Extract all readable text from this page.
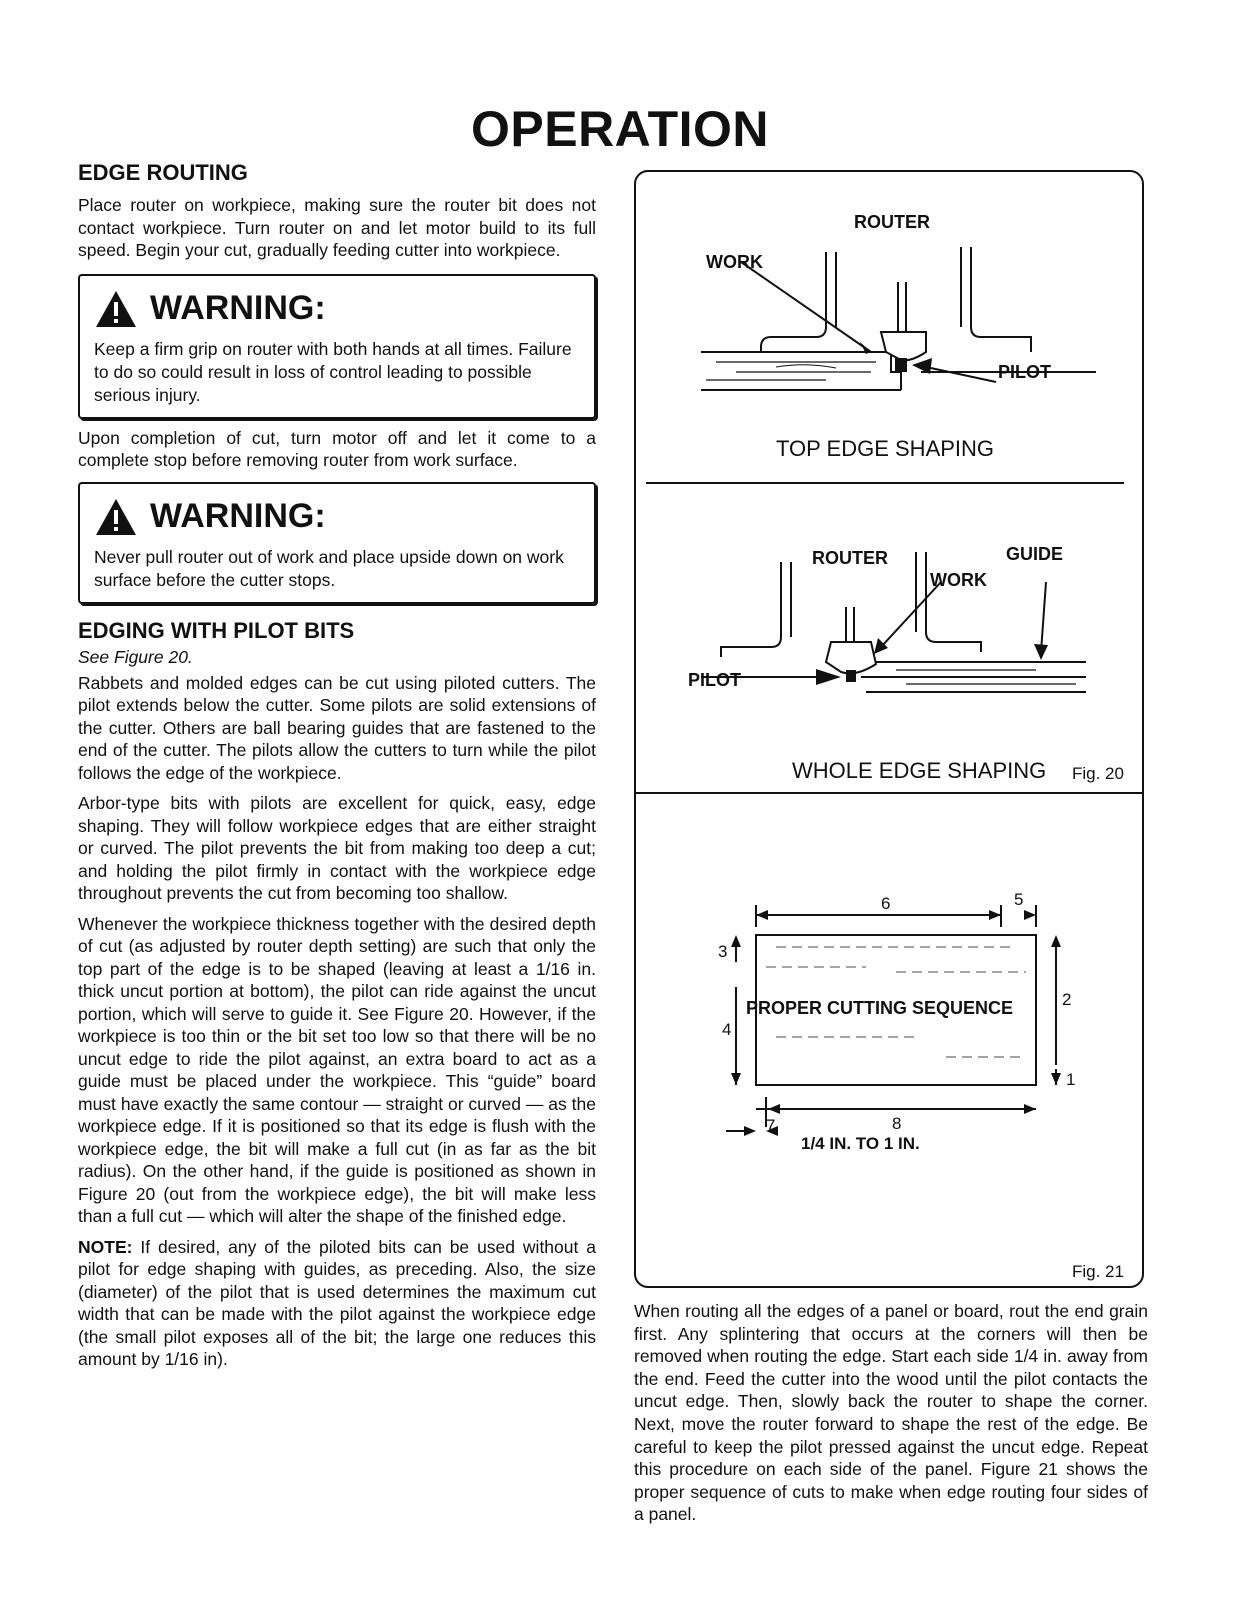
OPERATION
EDGE ROUTING

Place router on workpiece, making sure the router bit does not contact workpiece. Turn router on and let motor build to its full speed. Begin your cut, gradually feeding cutter into workpiece.

WARNING:

Keep a firm grip on router with both hands at all times. Failure to do so could result in loss of control leading to possible serious injury.

Upon completion of cut, turn motor off and let it come to a complete stop before removing router from work surface.

WARNING:

Never pull router out of work and place upside down on work surface before the cutter stops.

EDGING WITH PILOT BITS
See Figure 20.

Rabbets and molded edges can be cut using piloted cutters. The pilot extends below the cutter. Some pilots are solid extensions of the cutter. Others are ball bearing guides that are fastened to the end of the cutter. The pilots allow the cutters to turn while the pilot follows the edge of the workpiece.

Arbor-type bits with pilots are excellent for quick, easy, edge shaping. They will follow workpiece edges that are either straight or curved. The pilot prevents the bit from making too deep a cut; and holding the pilot firmly in contact with the workpiece edge throughout prevents the cut from becoming too shallow.

Whenever the workpiece thickness together with the desired depth of cut (as adjusted by router depth setting) are such that only the top part of the edge is to be shaped (leaving at least a 1/16 in. thick uncut portion at bottom), the pilot can ride against the uncut portion, which will serve to guide it. See Figure 20. However, if the workpiece is too thin or the bit set too low so that there will be no uncut edge to ride the pilot against, an extra board to act as a guide must be placed under the workpiece. This “guide” board must have exactly the same contour — straight or curved — as the workpiece edge. If it is positioned so that its edge is flush with the workpiece edge, the bit will make a full cut (in as far as the bit radius). On the other hand, if the guide is positioned as shown in Figure 20 (out from the workpiece edge), the bit will make less than a full cut — which will alter the shape of the finished edge.

NOTE: If desired, any of the piloted bits can be used without a pilot for edge shaping with guides, as preceding. Also, the size (diameter) of the pilot that is used determines the maximum cut width that can be made with the pilot against the workpiece edge (the small pilot exposes all of the bit; the large one reduces this amount by 1/16 in).

ROUTER
WORK
PILOT
TOP EDGE SHAPING
ROUTER	GUIDE
WORK
PILOT
WHOLE EDGE SHAPING Fig. 20
6	5
3
4
2
1
8
7
PROPER CUTTING SEQUENCE
1/4 IN. TO 1 IN.
Fig. 21

When routing all the edges of a panel or board, rout the end grain first. Any splintering that occurs at the corners will then be removed when routing the edge. Start each side 1/4 in. away from the end. Feed the cutter into the wood until the pilot contacts the uncut edge. Then, slowly back the router to shape the corner. Next, move the router forward to shape the rest of the edge. Be careful to keep the pilot pressed against the uncut edge. Repeat this procedure on each side of the panel. Figure 21 shows the proper sequence of cuts to make when edge routing four sides of a panel.
